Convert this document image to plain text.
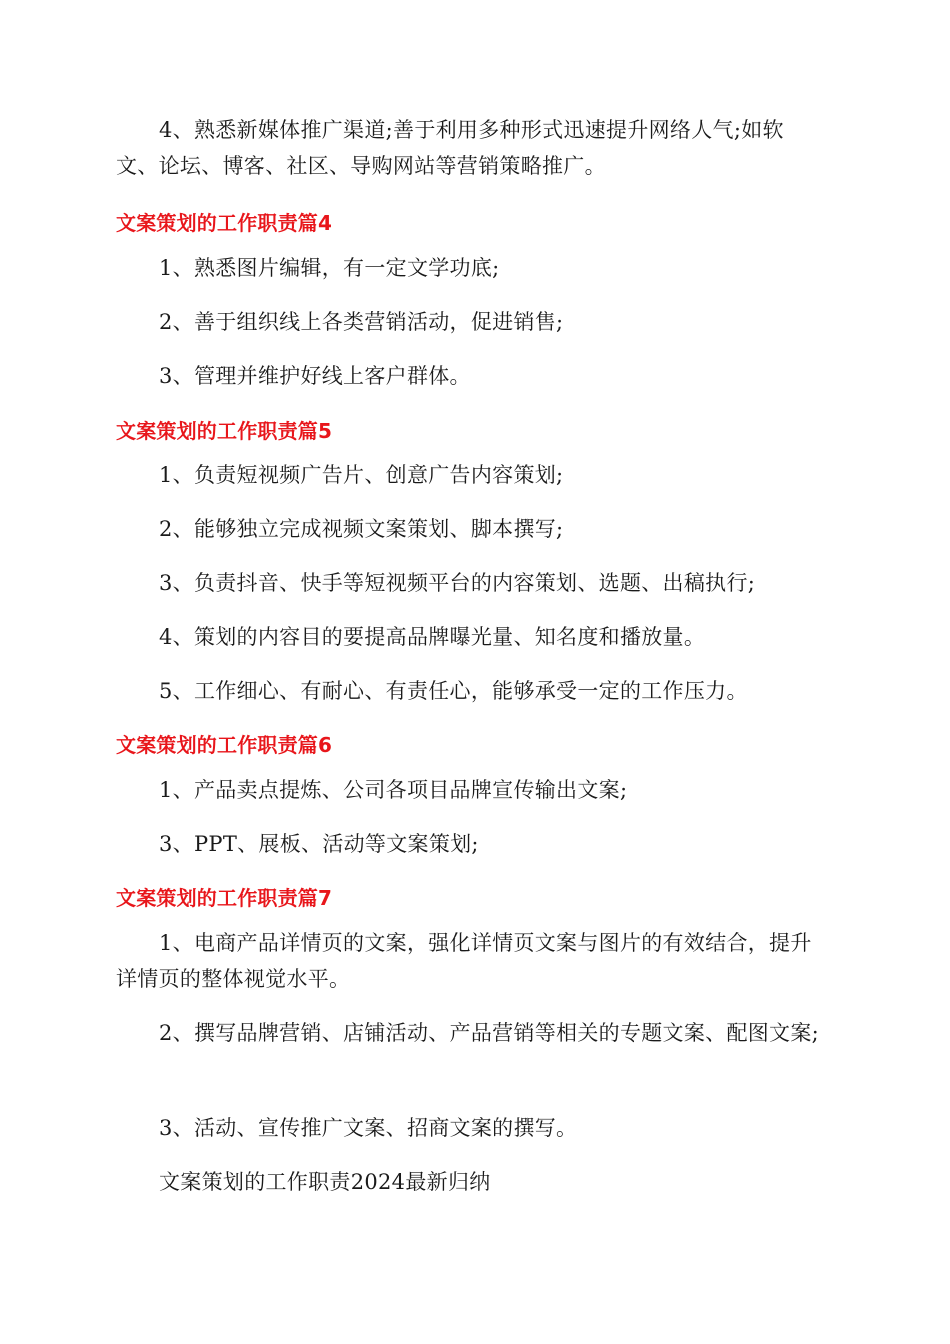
4、熟悉新媒体推广渠道;善于利用多种形式迅速提升网络人气;如软文、论坛、博客、社区、导购网站等营销策略推广。

文案策划的工作职责篇4

1、熟悉图片编辑，有一定文学功底;

2、善于组织线上各类营销活动，促进销售;

3、管理并维护好线上客户群体。

文案策划的工作职责篇5

1、负责短视频广告片、创意广告内容策划;

2、能够独立完成视频文案策划、脚本撰写;

3、负责抖音、快手等短视频平台的内容策划、选题、出稿执行;

4、策划的内容目的要提高品牌曝光量、知名度和播放量。

5、工作细心、有耐心、有责任心，能够承受一定的工作压力。

文案策划的工作职责篇6

1、产品卖点提炼、公司各项目品牌宣传输出文案;

3、PPT、展板、活动等文案策划;

文案策划的工作职责篇7

1、电商产品详情页的文案，强化详情页文案与图片的有效结合，提升详情页的整体视觉水平。

2、撰写品牌营销、店铺活动、产品营销等相关的专题文案、配图文案;

3、活动、宣传推广文案、招商文案的撰写。

文案策划的工作职责2024最新归纳
